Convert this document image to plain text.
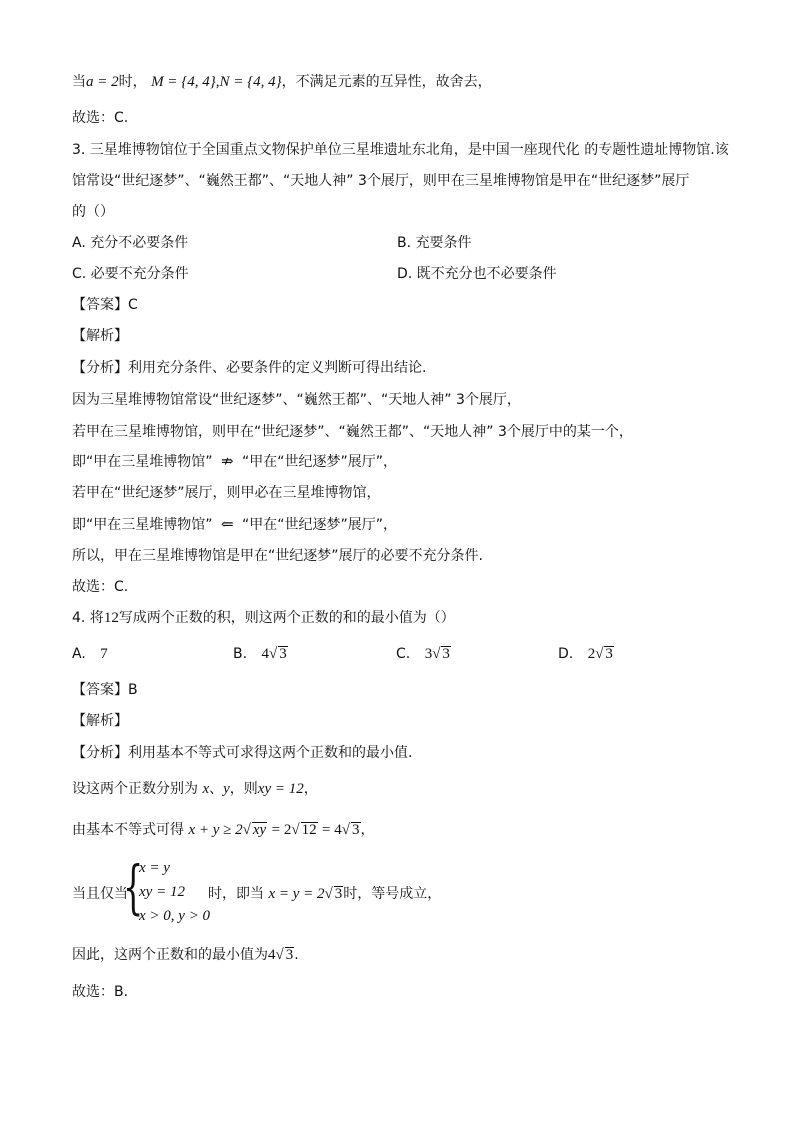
当a = 2时， M = {4, 4},N = {4, 4}，不满足元素的互异性，故舍去，
故选：C.
3. 三星堆博物馆位于全国重点文物保护单位三星堆遗址东北角，是中国一座现代化 的专题性遗址博物馆.该
馆常设“世纪逐梦”、“巍然王都”、“天地人神” 3个展厅，则甲在三星堆博物馆是甲在“世纪逐梦”展厅
的（）
A. 充分不必要条件	B. 充要条件
C. 必要不充分条件	D. 既不充分也不必要条件
【答案】C
【解析】
【分析】利用充分条件、必要条件的定义判断可得出结论.
因为三星堆博物馆常设“世纪逐梦”、“巍然王都”、“天地人神” 3个展厅，
若甲在三星堆博物馆，则甲在“世纪逐梦”、“巍然王都”、“天地人神” 3个展厅中的某一个，
即“甲在三星堆博物馆” ⇏ “甲在“世纪逐梦”展厅”，
若甲在“世纪逐梦”展厅，则甲必在三星堆博物馆，
即“甲在三星堆博物馆” ⇐ “甲在“世纪逐梦”展厅”，
所以，甲在三星堆博物馆是甲在“世纪逐梦”展厅的必要不充分条件.
故选：C.
4. 将12写成两个正数的积，则这两个正数的和的最小值为（）
A. 7	B. 4√ 3	C. 3√ 3	D. 2√ 3
【答案】B
【解析】
【分析】利用基本不等式可求得这两个正数和的最小值.
设这两个正数分别为 x、y，则xy = 12，
由基本不等式可得 x + y ≥ 2√ xy = 2√ 12 = 4√ 3，
当且仅当
{
x = y
xy = 12
x > 0, y > 0
时，即当 x = y = 2√ 3时，等号成立，
因此，这两个正数和的最小值为4√ 3.
故选：B.
